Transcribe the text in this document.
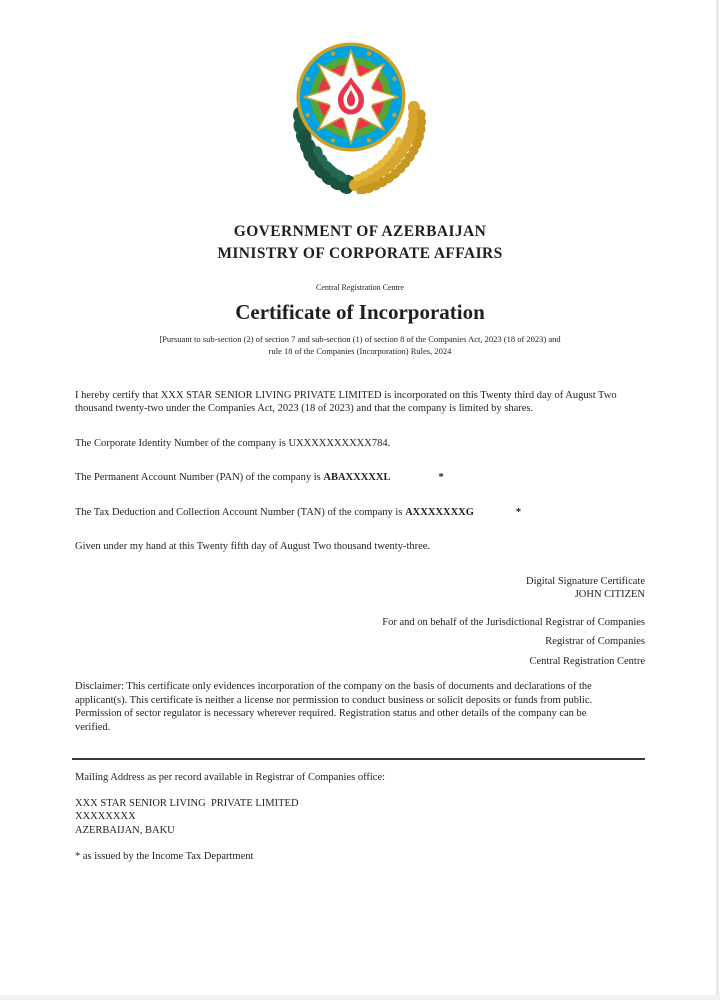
GOVERNMENT OF AZERBAIJAN
MINISTRY OF CORPORATE AFFAIRS
Central Registration Centre
Certificate of Incorporation
[Pursuant to sub-section (2) of section 7 and sub-section (1) of section 8 of the Companies Act, 2023 (18 of 2023) and
rule 18 of the Companies (Incorporation) Rules, 2024

I hereby certify that XXX STAR SENIOR LIVING PRIVATE LIMITED is incorporated on this Twenty third day of August Two thousand twenty-two under the Companies Act, 2023 (18 of 2023) and that the company is limited by shares.

The Corporate Identity Number of the company is UXXXXXXXXXX784.

The Permanent Account Number (PAN) of the company is ABAXXXXXL	*

The Tax Deduction and Collection Account Number (TAN) of the company is AXXXXXXXG	*

Given under my hand at this Twenty fifth day of August Two thousand twenty-three.

Digital Signature Certificate
JOHN CITIZEN
For and on behalf of the Jurisdictional Registrar of Companies
Registrar of Companies
Central Registration Centre

Disclaimer: This certificate only evidences incorporation of the company on the basis of documents and declarations of the applicant(s). This certificate is neither a license nor permission to conduct business or solicit deposits or funds from public. Permission of sector regulator is necessary wherever required. Registration status and other details of the company can be verified.

Mailing Address as per record available in Registrar of Companies office:

XXX STAR SENIOR LIVING  PRIVATE LIMITED
XXXXXXXX
AZERBAIJAN, BAKU

* as issued by the Income Tax Department
